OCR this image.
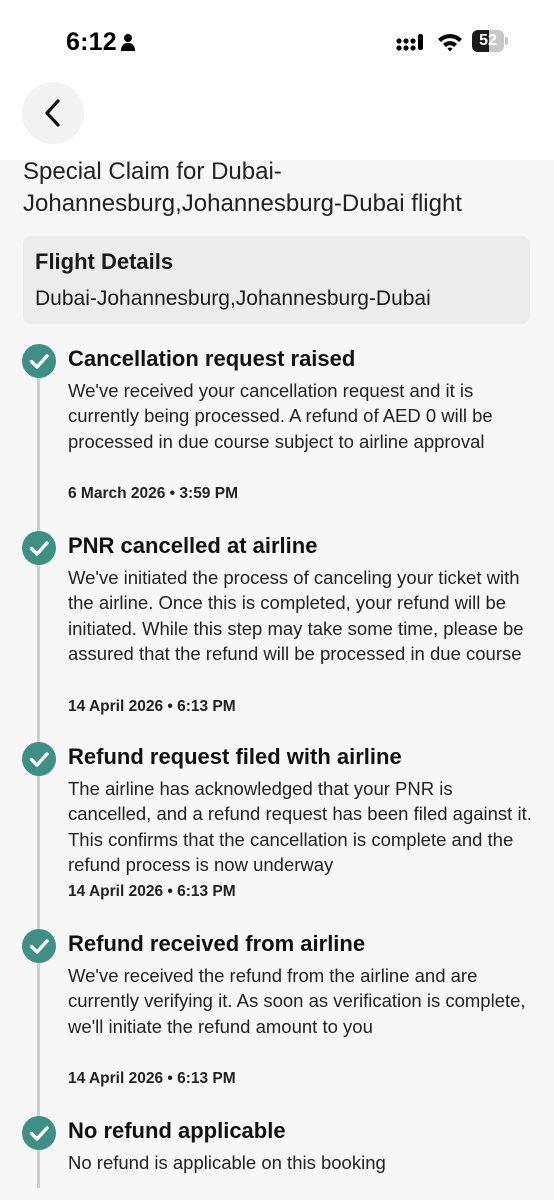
6:12	52
Special Claim for Dubai-Johannesburg,Johannesburg-Dubai flight
Flight Details
Dubai-Johannesburg,Johannesburg-Dubai
Cancellation request raised
We've received your cancellation request and it is currently being processed. A refund of AED 0 will be processed in due course subject to airline approval
6 March 2026 • 3:59 PM
PNR cancelled at airline
We've initiated the process of canceling your ticket with the airline. Once this is completed, your refund will be initiated. While this step may take some time, please be assured that the refund will be processed in due course
14 April 2026 • 6:13 PM
Refund request filed with airline
The airline has acknowledged that your PNR is cancelled, and a refund request has been filed against it. This confirms that the cancellation is complete and the refund process is now underway
14 April 2026 • 6:13 PM
Refund received from airline
We've received the refund from the airline and are currently verifying it. As soon as verification is complete, we'll initiate the refund amount to you
14 April 2026 • 6:13 PM
No refund applicable
No refund is applicable on this booking
